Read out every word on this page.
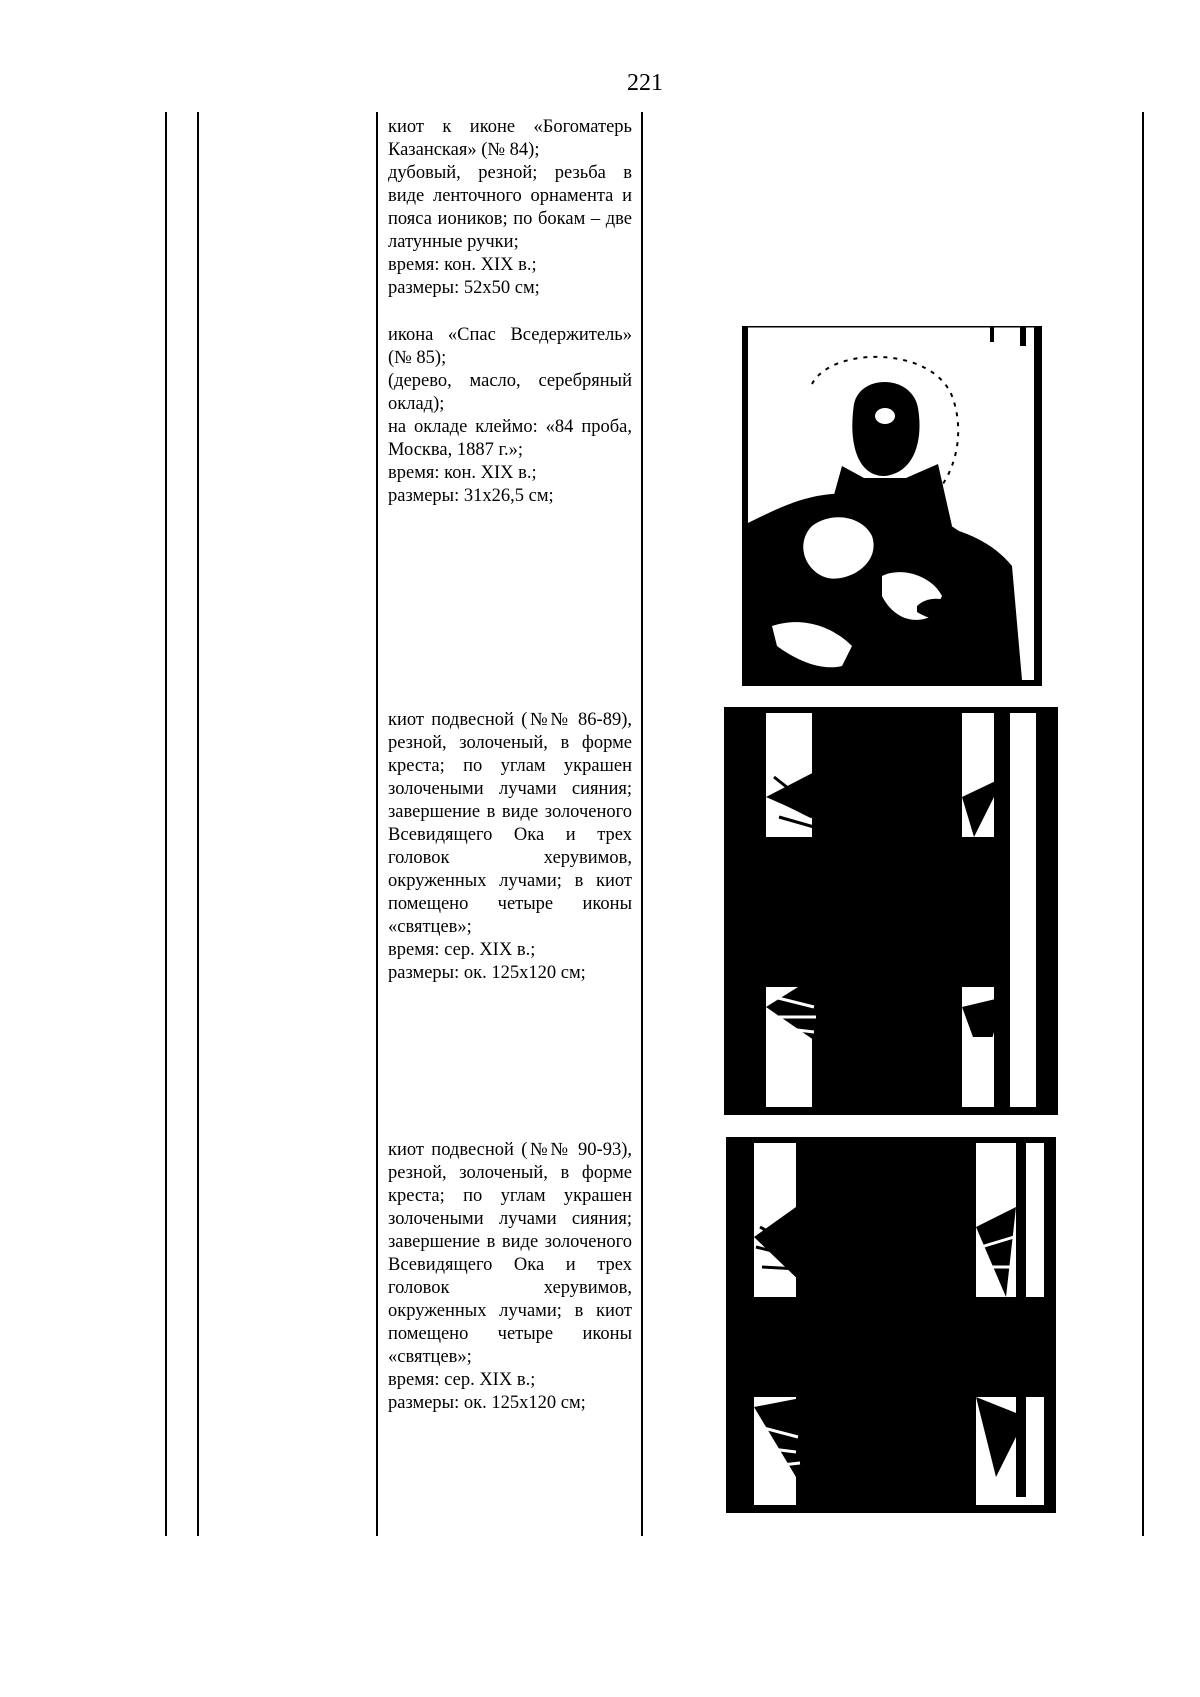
221

киот к иконе «Богоматерь Казанская» (№ 84);

дубовый, резной; резьба в виде ленточного орнамента и пояса иоников; по бокам – две латунные ручки;

время: кон. XIX в.;

размеры: 52х50 см;

икона «Спас Вседержитель» (№ 85);

(дерево, масло, серебряный оклад);

на окладе клеймо: «84 проба, Москва, 1887 г.»;

время: кон. XIX в.;

размеры: 31х26,5 см;

киот подвесной (№№ 86-89), резной, золоченый, в форме креста; по углам украшен золочеными лучами сияния; завершение в виде золоченого Всевидящего Ока и трех головок херувимов, окруженных лучами; в киот помещено четыре иконы «святцев»;

время: сер. XIX в.;

размеры: ок. 125х120 см;

киот подвесной (№№ 90-93), резной, золоченый, в форме креста; по углам украшен золочеными лучами сияния; завершение в виде золоченого Всевидящего Ока и трех головок херувимов, окруженных лучами; в киот помещено четыре иконы «святцев»;

время: сер. XIX в.;

размеры: ок. 125х120 см;
